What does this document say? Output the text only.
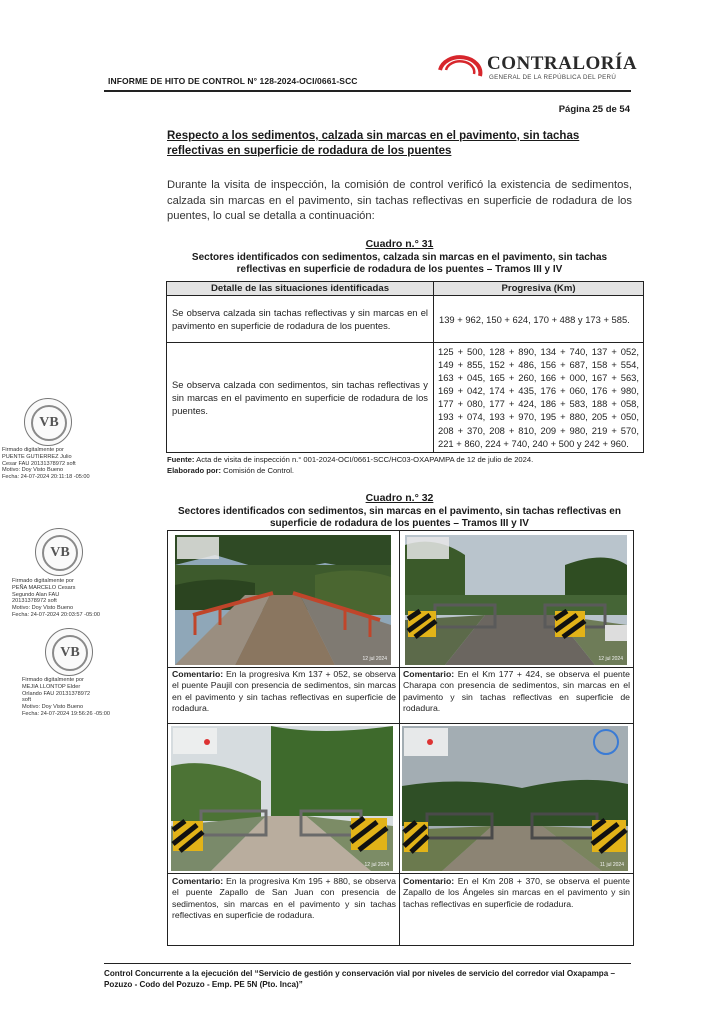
INFORME DE HITO DE CONTROL N° 128-2024-OCI/0661-SCC
CONTRALORÍA
GENERAL DE LA REPÚBLICA DEL PERÚ
Página 25 de 54
Respecto a los sedimentos, calzada sin marcas en el pavimento, sin tachas reflectivas en superficie de rodadura de los puentes
Durante la visita de inspección, la comisión de control verificó la existencia de sedimentos, calzada sin marcas en el pavimento, sin tachas reflectivas en superficie de rodadura de los puentes, lo cual se detalla a continuación:
Cuadro n.° 31
Sectores identificados con sedimentos, calzada sin marcas en el pavimento, sin tachas reflectivas en superficie de rodadura de los puentes – Tramos III y IV
Detalle de las situaciones identificadas	Progresiva (Km)
Se observa calzada sin tachas reflectivas y sin marcas en el pavimento en superficie de rodadura de los puentes.	139 + 962, 150 + 624, 170 + 488 y 173 + 585.
Se observa calzada con sedimentos, sin tachas reflectivas y sin marcas en el pavimento en superficie de rodadura de los puentes.	125 + 500, 128 + 890, 134 + 740, 137 + 052, 149 + 855, 152 + 486, 156 + 687, 158 + 554, 163 + 045, 165 + 260, 166 + 000, 167 + 563, 169 + 042, 174 + 435, 176 + 060, 176 + 980, 177 + 080, 177 + 424, 186 + 583, 188 + 058, 193 + 074, 193 + 970, 195 + 880, 205 + 050, 208 + 370, 208 + 810, 209 + 980, 219 + 570, 221 + 860, 224 + 740, 240 + 500 y 242 + 960.
Fuente: Acta de visita de inspección n.° 001-2024-OCI/0661-SCC/HC03-OXAPAMPA de 12 de julio de 2024.
Elaborado por: Comisión de Control.
VB
Firmado digitalmente por
PUENTE GUTIERREZ Julio
Cesar FAU 20131378972 soft
Motivo: Doy Visto Bueno
Fecha: 24-07-2024 20:11:18 -05:00
VB
Firmado digitalmente por
PEÑA MARCELO Cesars
Segundo Alan FAU
20131378972 soft
Motivo: Doy Visto Bueno
Fecha: 24-07-2024 20:03:57 -05:00
VB
Firmado digitalmente por
MEJIA LLONTOP Elder
Orlando FAU 20131378972
soft
Motivo: Doy Visto Bueno
Fecha: 24-07-2024 19:56:26 -05:00
Cuadro n.° 32
Sectores identificados con sedimentos, sin marcas en el pavimento, sin tachas reflectivas en superficie de rodadura de los puentes – Tramos III y IV
12 jul 2024	12 jul 2024
Comentario: En la progresiva Km 137 + 052, se observa el puente Paujil con presencia de sedimentos, sin marcas en el pavimento y sin tachas reflectivas en superficie de rodadura.
Comentario: En el Km 177 + 424, se observa el puente Charapa con presencia de sedimentos, sin marcas en el pavimento y sin tachas reflectivas en superficie de rodadura.
12 jul 2024	11 jul 2024
Comentario: En la progresiva Km 195 + 880, se observa el puente Zapallo de San Juan con presencia de sedimentos, sin marcas en el pavimento y sin tachas reflectivas en superficie de rodadura.
Comentario: En el Km 208 + 370, se observa el puente Zapallo de los Ángeles sin marcas en el pavimento y sin tachas reflectivas en superficie de rodadura.
Control Concurrente a la ejecución del “Servicio de gestión y conservación vial por niveles de servicio del corredor vial Oxapampa – Pozuzo - Codo del Pozuzo - Emp. PE 5N (Pto. Inca)”
